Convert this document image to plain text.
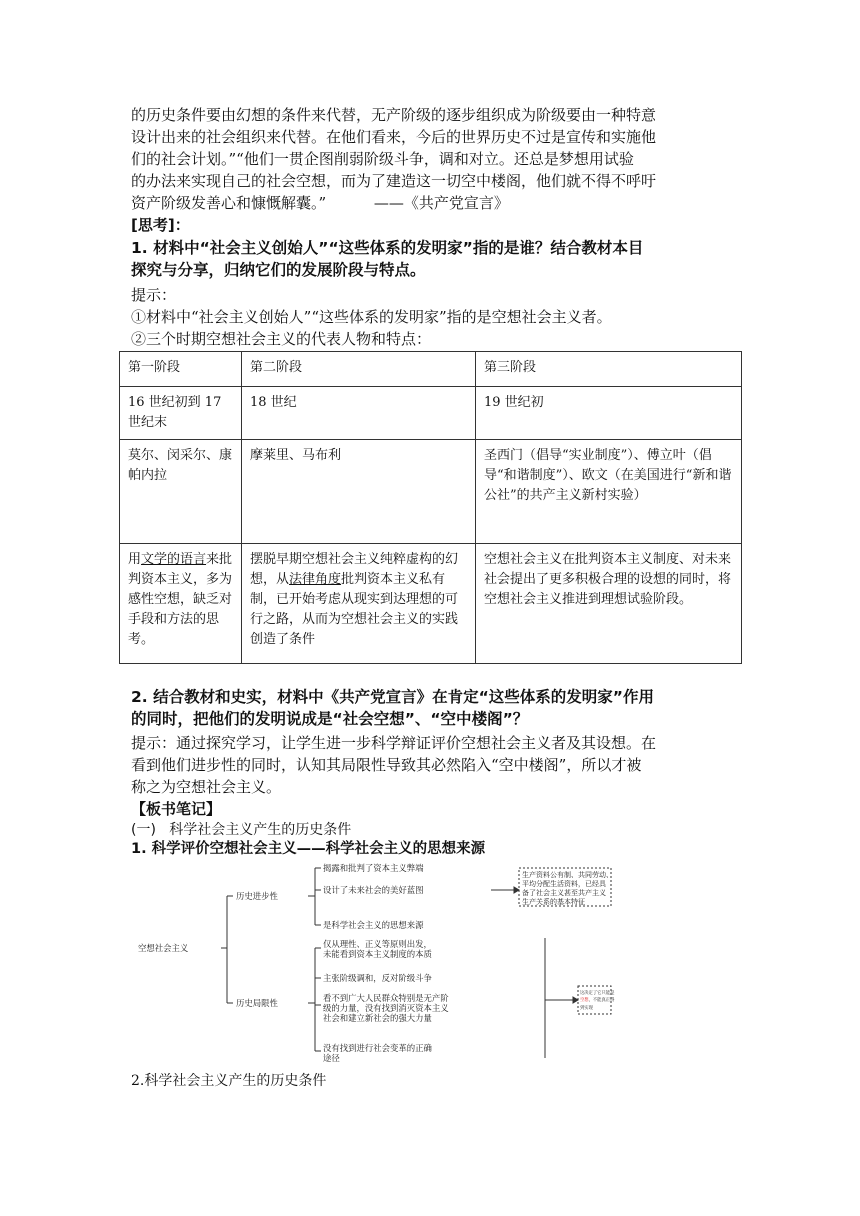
的历史条件要由幻想的条件来代替，无产阶级的逐步组织成为阶级要由一种特意

设计出来的社会组织来代替。在他们看来，今后的世界历史不过是宣传和实施他

们的社会计划。”“他们一贯企图削弱阶级斗争，调和对立。还总是梦想用试验

的办法来实现自己的社会空想，而为了建造这一切空中楼阁，他们就不得不呼吁

资产阶级发善心和慷慨解囊。”          ——《共产党宣言》

[思考]：

1. 材料中“社会主义创始人”“这些体系的发明家”指的是谁？结合教材本目

探究与分享，归纳它们的发展阶段与特点。

提示：

①材料中“社会主义创始人”“这些体系的发明家”指的是空想社会主义者。

②三个时期空想社会主义的代表人物和特点：

第一阶段	第二阶段	第三阶段
16 世纪初到 17 世纪末	18 世纪	19 世纪初
莫尔、闵采尔、康帕内拉	摩莱里、马布利	圣西门（倡导“实业制度”）、傅立叶（倡导“和谐制度”）、欧文（在美国进行“新和谐公社”的共产主义新村实验）
用文学的语言来批判资本主义，多为感性空想，缺乏对手段和方法的思考。	摆脱早期空想社会主义纯粹虚构的幻想，从法律角度批判资本主义私有制，已开始考虑从现实到达理想的可行之路，从而为空想社会主义的实践创造了条件	空想社会主义在批判资本主义制度、对未来社会提出了更多积极合理的设想的同时，将空想社会主义推进到理想试验阶段。

2. 结合教材和史实，材料中《共产党宣言》在肯定“这些体系的发明家”作用

的同时，把他们的发明说成是“社会空想”、“空中楼阁”？

提示：通过探究学习，让学生进一步科学辩证评价空想社会主义者及其设想。在

看到他们进步性的同时，认知其局限性导致其必然陷入“空中楼阁”，所以才被

称之为空想社会主义。

【板书笔记】

(一)   科学社会主义产生的历史条件

1. 科学评价空想社会主义——科学社会主义的思想来源

空想社会主义
历史进步性
历史局限性
揭露和批判了资本主义弊端
设计了未来社会的美好蓝图
是科学社会主义的思想来源
生产资料公有制、共同劳动、
平均分配生活资料，已经具
备了社会主义甚至共产主义
生产关系的基本特征
仅从理性、正义等原则出发，
未能看到资本主义制度的本质
主张阶级调和，反对阶级斗争
看不到广大人民群众特别是无产阶
级的力量，没有找到消灭资本主义
社会和建立新社会的强大力量
没有找到进行社会变革的正确
途径
这决定了它只能是
空想，不能真正得
到实现

2.科学社会主义产生的历史条件
